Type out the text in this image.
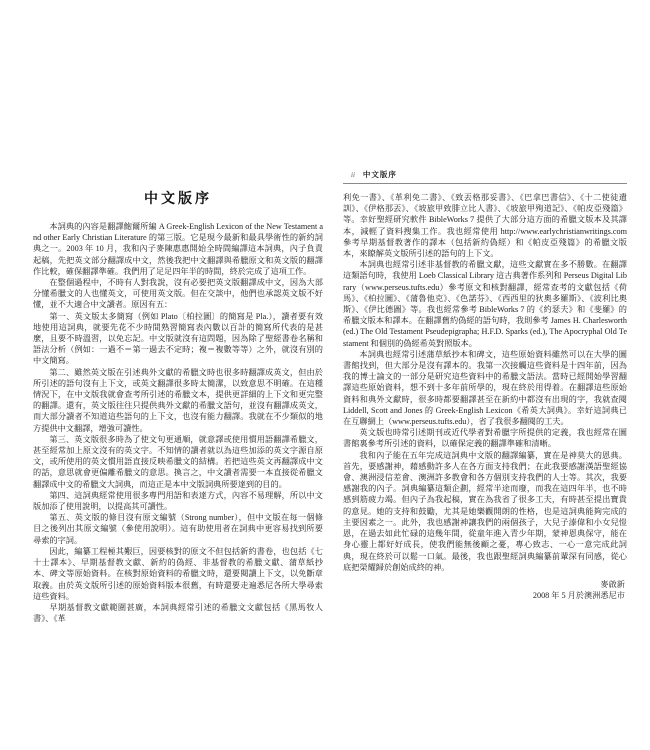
中文版序

本詞典的內容是翻譯鮑爾所編 A Greek-English Lexicon of the New Testament and other Early Christian Literature 的第三版。它是現今最新和最具學術性的新約詞典之一。2003 年 10 月，我和內子麥陳惠惠開始全時間編譯這本詞典，內子負責起稿，先把英文部分翻譯成中文，然後我把中文翻譯與希臘原文和英文版的翻譯作比較，確保翻譯準確。我們用了足足四年半的時間，終於完成了這項工作。

在整個過程中，不時有人對我說，沒有必要把英文版翻譯成中文，因為大部分懂希臘文的人也懂英文，可使用英文版。但在交談中，他們也承認英文版不好懂，並不大適合中文讀者。原因有五：

第一、英文版太多簡寫（例如 Plato〔柏拉圖〕的簡寫是 Pla.），讀者要有效地使用這詞典，就要先花不少時間熟習簡寫表內數以百計的簡寫所代表的是甚麼，且要不時溫習，以免忘記。中文版就沒有這問題，因為除了聖經書卷名稱和語法分析（例如：一過不＝第一過去不定時；複＝複數等等）之外，就沒有別的中文簡寫。

第二、雖然英文版在引述典外文獻的希臘文時也很多時翻譯成英文，但由於所引述的語句沒有上下文，或英文翻譯很多時太簡潔，以致意思不明確。在這種情況下，在中文版我就會查考所引述的希臘文本，提供更詳細的上下文和更完整的翻譯。還有，英文版往往只提供典外文獻的希臘文語句，並沒有翻譯成英文，而大部分讀者不知道這些語句的上下文，也沒有能力翻譯。我就在不少類似的地方提供中文翻譯，增強可讀性。

第三、英文版很多時為了使文句更通順，就意譯或使用慣用語翻譯希臘文，甚至經常加上原文沒有的英文字。不知情的讀者就以為這些加添的英文字源自原文，或所使用的英文慣用語直接反映希臘文的結構。若把這些英文再翻譯成中文的話，意思就會更偏離希臘文的意思。換言之，中文讀者需要一本直接從希臘文翻譯成中文的希臘文大詞典，而這正是本中文版詞典所要達到的目的。

第四、這詞典經常使用很多專門用語和表達方式，內容不易理解，所以中文版加添了使用說明，以提高其可讀性。

第五、英文版的條目沒有原文編號（Strong number），但中文版在每一個條目之後列出其原文編號（參使用說明）。這有助使用者在詞典中更容易找到所要尋索的字詞。

因此，編纂工程極其艱巨，因要核對的原文不但包括新約書卷，也包括《七十士譯本》、早期基督教文獻、新約的偽經、非基督教的希臘文獻、蒲草紙抄本、碑文等原始資料。在核對原始資料的希臘文時，還要閱讀上下文，以免斷章取義。由於英文版所引述的原始資料版本很舊，有時還要走遍悉尼各所大學尋索這些資料。

早期基督教文獻範圍甚廣，本詞典經常引述的希臘文文獻包括《黑馬牧人書》、《革

ii 中文版序

利免一書》、《革利免二書》、《致丟格那妥書》、《巴拿巴書信》、《十二使徒遺訓》、《伊格那丟》、《坡旅甲致腓立比人書》、《坡旅甲殉道記》、《帕皮亞殘篇》等。幸好聖經研究軟件 BibleWorks 7 提供了大部分這方面的希臘文版本及其譯本，減輕了資料搜集工作。我也經常使用 http://www.earlychristianwritings.com 參考早期基督教著作的譯本（包括新約偽經）和《帕皮亞殘篇》的希臘文版本，來瞭解英文版所引述的語句的上下文。

本詞典也經常引述非基督教的希臘文獻，這些文獻實在多不勝數。在翻譯這類語句時，我使用 Loeb Classical Library 這古典著作系列和 Perseus Digital Library（www.perseus.tufts.edu）參考原文和核對翻譯，經常查考的文獻包括《荷馬》、《柏拉圖》、《蒲魯他克》、《色諾芬》、《西西里的狄奧多羅斯》、《波利比奧斯》、《伊比德圖》等。我也經常參考 BibleWorks 7 的《約瑟夫》和《斐羅》的希臘文版本和譯本。在翻譯舊約偽經的語句時，我則參考 James H. Charlesworth (ed.) The Old Testament Pseudepigrapha; H.F.D. Sparks (ed.), The Apocryphal Old Testament 和個別的偽經希英對照版本。

本詞典也經常引述蒲草紙抄本和碑文，這些原始資料雖然可以在大學的圖書館找到，但大部分是沒有譯本的。我第一次接觸這些資料是十四年前，因為我的博士論文的一部分是研究這些資料中的希臘文語法。當時已經開始學習翻譯這些原始資料，想不到十多年前所學的，現在終於用得着。在翻譯這些原始資料和典外文獻時，很多時都要翻譯甚至在新約中都沒有出現的字，我就查閱 Liddell, Scott and Jones 的 Greek-English Lexicon《希英大詞典》。幸好這詞典已在互聯網上（www.perseus.tufts.edu），省了我很多翻閱的工夫。

英文版也時常引述期刊或近代學者對希臘字所提供的定義，我也經常在圖書館裏參考所引述的資料，以確保定義的翻譯準確和清晰。

我和內子能在五年完成這詞典中文版的翻譯編纂，實在是神莫大的恩典。首先，要感謝神，藉感動許多人在各方面支持我們；在此我要感謝漢語聖經協會、澳洲浸信差會、澳洲許多教會和各方個別支持我們的人士等。其次，我要感謝我的內子。詞典編纂這類企劃，經常半途而廢，而我在這四年半，也不時感到筋疲力竭。但內子為我起稿，實在為我省了很多工夫，有時甚至提出寶貴的意見。她的支持和鼓勵，尤其是她樂觀開朗的性格，也是這詞典能夠完成的主要因素之一。此外，我也感謝神讓我們的兩個孩子，大兒子溙偉和小女兒愷恩，在過去如此忙碌的這幾年間，從童年進入青少年期，蒙神恩典保守，能在身心靈上都好好成長，使我們能無後顧之憂，專心致志、一心一意完成此詞典，現在終於可以鬆一口氣。最後，我也跟聖經詞典編纂前輩深有同感，從心底把榮耀歸於創始成終的神。

麥啟新
2008 年 5 月於澳洲悉尼市
